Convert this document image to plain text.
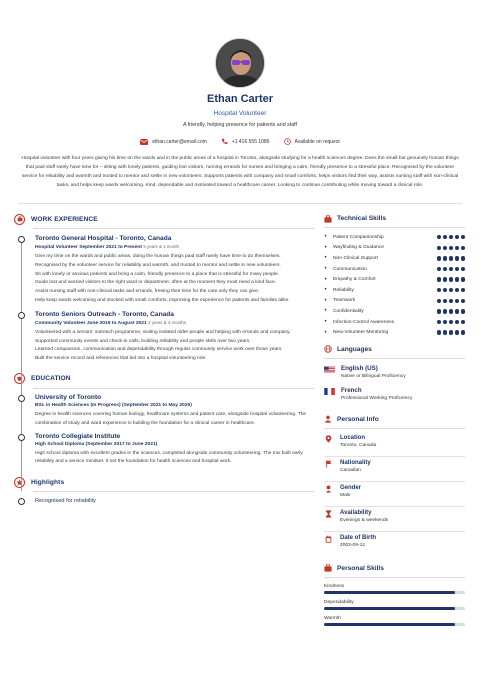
Ethan Carter
Hospital Volunteer
A friendly, helping presence for patients and staff
ethan.carter@email.com	+1 416 555 1086	Available on request
Hospital volunteer with four years giving his time on the wards and in the public areas of a hospital in Toronto, alongside studying for a health sciences degree. Does the small but genuinely human things that paid staff rarely have time for – sitting with lonely patients, guiding lost visitors, running errands for nurses and bringing a calm, friendly presence to a stressful place. Recognised by the volunteer service for reliability and warmth and trusted to mentor and settle in new volunteers. Supports patients with company and small comforts, helps visitors find their way, assists nursing staff with non-clinical tasks, and helps keep wards welcoming. Kind, dependable and motivated toward a healthcare career. Looking to continue contributing while moving toward a clinical role.
WORK EXPERIENCE
Toronto General Hospital - Toronto, Canada
Hospital Volunteer September 2021 to Present 5 years & 1 month
Give my time on the wards and public areas, doing the human things paid staff rarely have time to do themselves.
Recognised by the volunteer service for reliability and warmth, and trusted to mentor and settle in new volunteers.
Sit with lonely or anxious patients and bring a calm, friendly presence to a place that is stressful for many people.
Guide lost and worried visitors to the right ward or department, often at the moment they most need a kind face.
Assist nursing staff with non-clinical tasks and errands, freeing their time for the care only they can give.
Help keep wards welcoming and stocked with small comforts, improving the experience for patients and families alike.
Toronto Seniors Outreach - Toronto, Canada
Community Volunteer June 2019 to August 2021 2 years & 3 months
Volunteered with a seniors' outreach programme, visiting isolated older people and helping with errands and company.
Supported community events and check-in calls, building reliability and people skills over two years.
Learned compassion, communication and dependability through regular community service work over those years.
Built the service record and references that led into a hospital volunteering role.
EDUCATION
University of Toronto
BSc in Health Sciences (In Progress) (September 2021 to May 2025)
Degree in health sciences covering human biology, healthcare systems and patient care, alongside hospital volunteering. The combination of study and ward experience is building the foundation for a clinical career in healthcare.
Toronto Collegiate Institute
High School Diploma (September 2017 to June 2021)
High school diploma with excellent grades in the sciences, completed alongside community volunteering. The mix built early reliability and a service mindset. It set the foundation for health sciences and hospital work.
Highlights
Recognised for reliability
Technical Skills
• Patient Companionship
• Wayfinding & Guidance
• Non-Clinical Support
• Communication
• Empathy & Comfort
• Reliability
• Teamwork
• Confidentiality
• Infection-Control Awareness
• New-Volunteer Mentoring
Languages
English (US)
Native or Bilingual Proficiency
French
Professional Working Proficiency
Personal Info
Location
Toronto, Canada
Nationality
Canadian
Gender
Male
Availability
Evenings & weekends
Date of Birth
2003-09-12
Personal Skills
Kindness
Dependability
Warmth
